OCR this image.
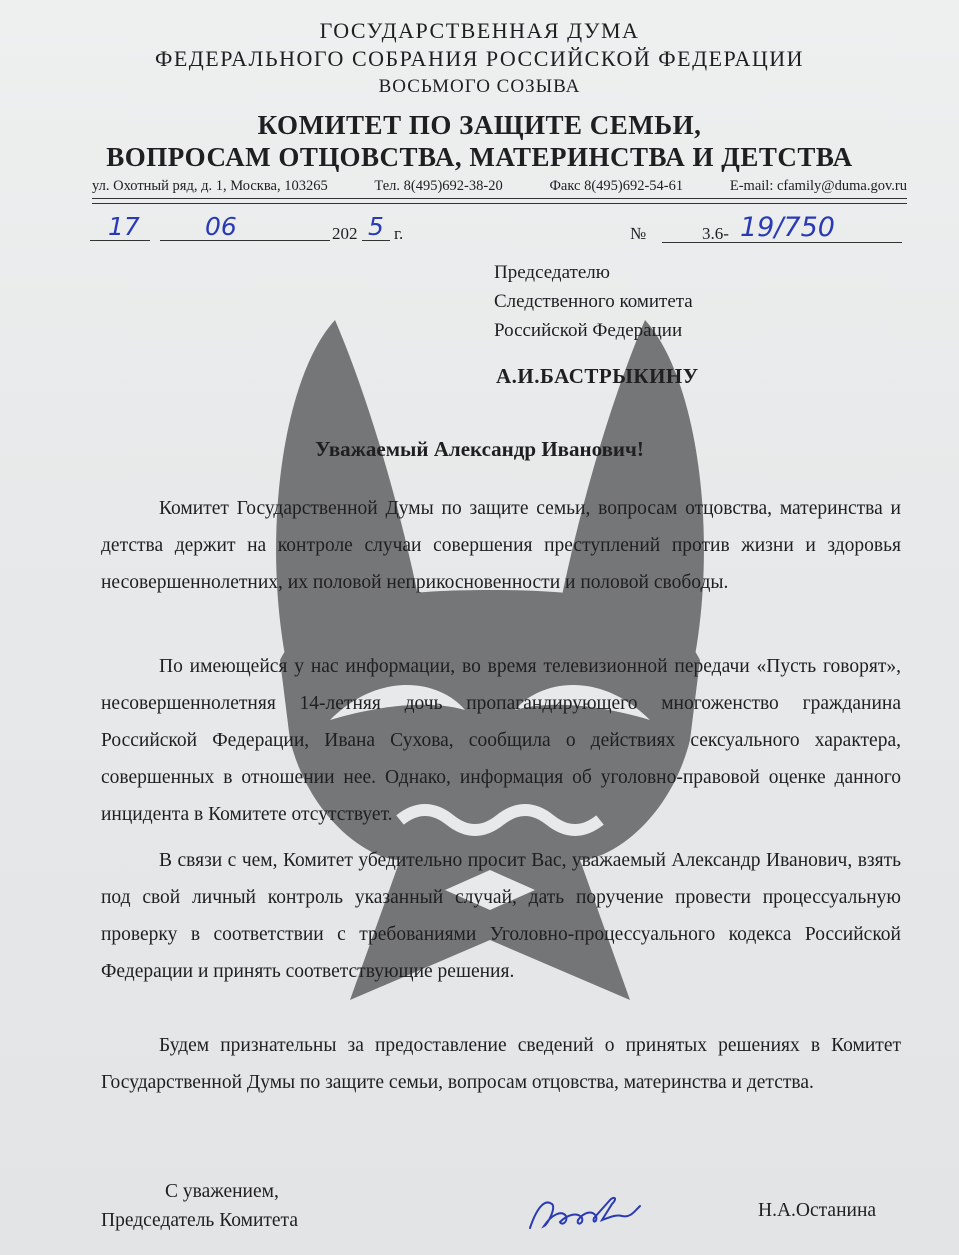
ГОСУДАРСТВЕННАЯ ДУМА
ФЕДЕРАЛЬНОГО СОБРАНИЯ РОССИЙСКОЙ ФЕДЕРАЦИИ
ВОСЬМОГО СОЗЫВА
КОМИТЕТ ПО ЗАЩИТЕ СЕМЬИ,
ВОПРОСАМ ОТЦОВСТВА, МАТЕРИНСТВА И ДЕТСТВА
ул. Охотный ряд, д. 1, Москва, 103265	Тел. 8(495)692-38-20	Факс 8(495)692-54-61	E-mail: cfamily@duma.gov.ru
17	06	202 5 г.	№	3.6- 19/750
Председателю
Следственного комитета
Российской Федерации
А.И.БАСТРЫКИНУ
Уважаемый Александр Иванович!
Комитет Государственной Думы по защите семьи, вопросам отцовства, материнства и детства держит на контроле случаи совершения преступлений против жизни и здоровья несовершеннолетних, их половой неприкосновенности и половой свободы.
По имеющейся у нас информации, во время телевизионной передачи «Пусть говорят», несовершеннолетняя 14-летняя дочь пропагандирующего многоженство гражданина Российской Федерации, Ивана Сухова, сообщила о действиях сексуального характера, совершенных в отношении нее. Однако, информация об уголовно-правовой оценке данного инцидента в Комитете отсутствует.
В связи с чем, Комитет убедительно просит Вас, уважаемый Александр Иванович, взять под свой личный контроль указанный случай, дать поручение провести процессуальную проверку в соответствии с требованиями Уголовно-процессуального кодекса Российской Федерации и принять соответствующие решения.
Будем признательны за предоставление сведений о принятых решениях в Комитет Государственной Думы по защите семьи, вопросам отцовства, материнства и детства.
С уважением,
Председатель Комитета	Н.А.Останина
